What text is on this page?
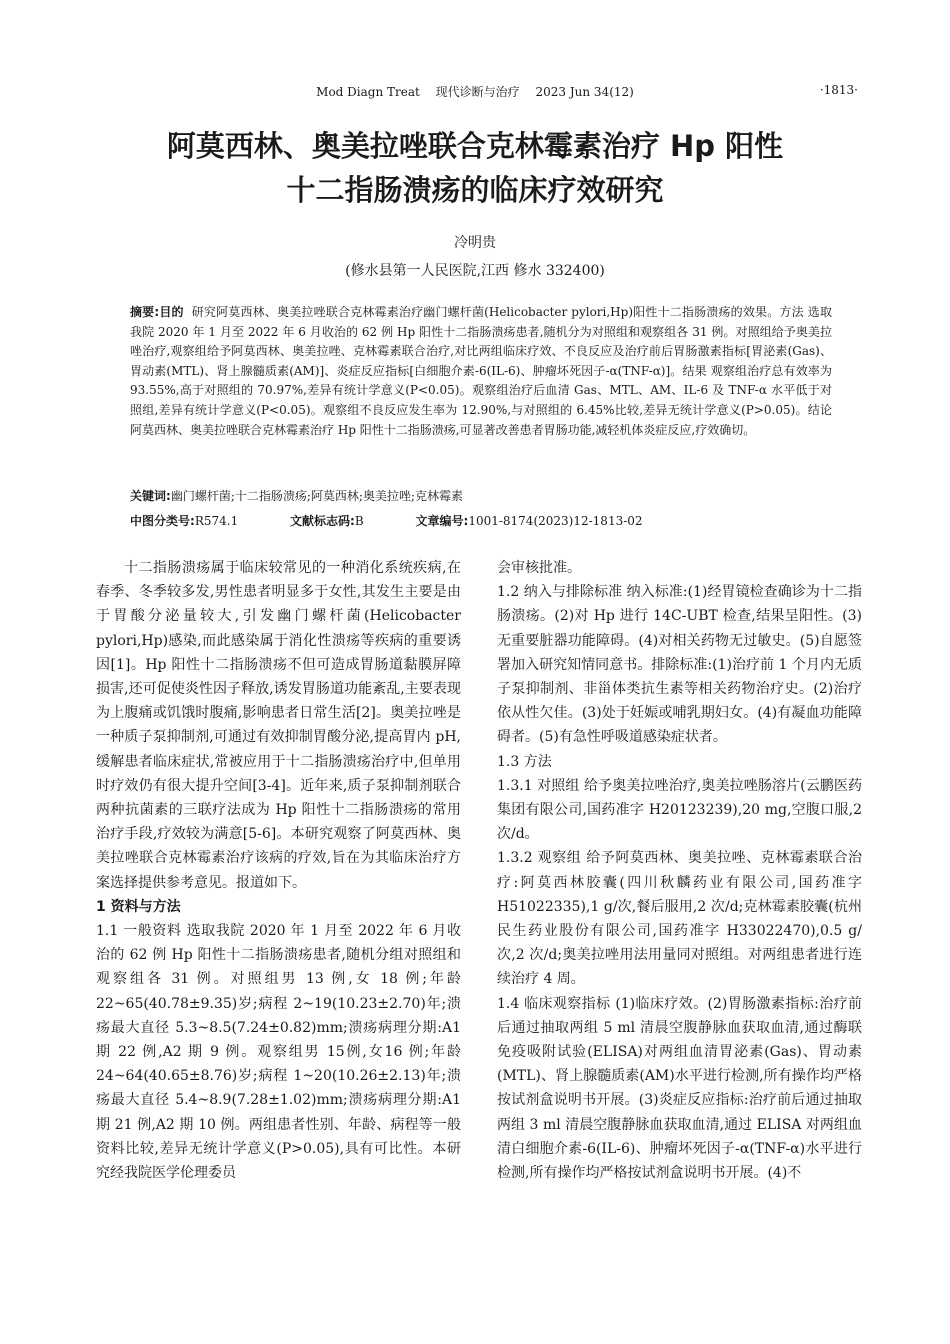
Mod Diagn Treat 现代诊断与治疗 2023 Jun 34(12)	·1813·
阿莫西林、奥美拉唑联合克林霉素治疗 Hp 阳性
十二指肠溃疡的临床疗效研究
冷明贵
(修水县第一人民医院,江西 修水 332400)

摘要:目的 研究阿莫西林、奥美拉唑联合克林霉素治疗幽门螺杆菌(Helicobacter pylori,Hp)阳性十二指肠溃疡的效果。方法 选取我院 2020 年 1 月至 2022 年 6 月收治的 62 例 Hp 阳性十二指肠溃疡患者,随机分为对照组和观察组各 31 例。对照组给予奥美拉唑治疗,观察组给予阿莫西林、奥美拉唑、克林霉素联合治疗,对比两组临床疗效、不良反应及治疗前后胃肠激素指标[胃泌素(Gas)、胃动素(MTL)、肾上腺髓质素(AM)]、炎症反应指标[白细胞介素-6(IL-6)、肿瘤坏死因子-α(TNF-α)]。结果 观察组治疗总有效率为 93.55%,高于对照组的 70.97%,差异有统计学意义(P<0.05)。观察组治疗后血清 Gas、MTL、AM、IL-6 及 TNF-α 水平低于对照组,差异有统计学意义(P<0.05)。观察组不良反应发生率为 12.90%,与对照组的 6.45%比较,差异无统计学意义(P>0.05)。结论 阿莫西林、奥美拉唑联合克林霉素治疗 Hp 阳性十二指肠溃疡,可显著改善患者胃肠功能,减轻机体炎症反应,疗效确切。

关键词:幽门螺杆菌;十二指肠溃疡;阿莫西林;奥美拉唑;克林霉素
中图分类号:R574.1	文献标志码:B	文章编号:1001-8174(2023)12-1813-02

十二指肠溃疡属于临床较常见的一种消化系统疾病,在春季、冬季较多发,男性患者明显多于女性,其发生主要是由于胃酸分泌量较大,引发幽门螺杆菌(Helicobacter pylori,Hp)感染,而此感染属于消化性溃疡等疾病的重要诱因[1]。Hp 阳性十二指肠溃疡不但可造成胃肠道黏膜屏障损害,还可促使炎性因子释放,诱发胃肠道功能紊乱,主要表现为上腹痛或饥饿时腹痛,影响患者日常生活[2]。奥美拉唑是一种质子泵抑制剂,可通过有效抑制胃酸分泌,提高胃内 pH,缓解患者临床症状,常被应用于十二指肠溃疡治疗中,但单用时疗效仍有很大提升空间[3-4]。近年来,质子泵抑制剂联合两种抗菌素的三联疗法成为 Hp 阳性十二指肠溃疡的常用治疗手段,疗效较为满意[5-6]。本研究观察了阿莫西林、奥美拉唑联合克林霉素治疗该病的疗效,旨在为其临床治疗方案选择提供参考意见。报道如下。

1 资料与方法

1.1 一般资料 选取我院 2020 年 1 月至 2022 年 6 月收治的 62 例 Hp 阳性十二指肠溃疡患者,随机分组对照组和观察组各 31 例。对照组男 13 例,女 18 例;年龄 22~65(40.78±9.35)岁;病程 2~19(10.23±2.70)年;溃疡最大直径 5.3~8.5(7.24±0.82)mm;溃疡病理分期:A1 期 22 例,A2 期 9 例。观察组男 15例,女16 例;年龄 24~64(40.65±8.76)岁;病程 1~20(10.26±2.13)年;溃疡最大直径 5.4~8.9(7.28±1.02)mm;溃疡病理分期:A1 期 21 例,A2 期 10 例。两组患者性别、年龄、病程等一般资料比较,差异无统计学意义(P>0.05),具有可比性。本研究经我院医学伦理委员

会审核批准。

1.2 纳入与排除标准 纳入标准:(1)经胃镜检查确诊为十二指肠溃疡。(2)对 Hp 进行 14C-UBT 检查,结果呈阳性。(3)无重要脏器功能障碍。(4)对相关药物无过敏史。(5)自愿签署加入研究知情同意书。排除标准:(1)治疗前 1 个月内无质子泵抑制剂、非甾体类抗生素等相关药物治疗史。(2)治疗依从性欠佳。(3)处于妊娠或哺乳期妇女。(4)有凝血功能障碍者。(5)有急性呼吸道感染症状者。

1.3 方法

1.3.1 对照组 给予奥美拉唑治疗,奥美拉唑肠溶片(云鹏医药集团有限公司,国药准字 H20123239),20 mg,空腹口服,2 次/d。

1.3.2 观察组 给予阿莫西林、奥美拉唑、克林霉素联合治疗:阿莫西林胶囊(四川秋麟药业有限公司,国药准字 H51022335),1 g/次,餐后服用,2 次/d;克林霉素胶囊(杭州民生药业股份有限公司,国药准字 H33022470),0.5 g/次,2 次/d;奥美拉唑用法用量同对照组。对两组患者进行连续治疗 4 周。

1.4 临床观察指标 (1)临床疗效。(2)胃肠激素指标:治疗前后通过抽取两组 5 ml 清晨空腹静脉血获取血清,通过酶联免疫吸附试验(ELISA)对两组血清胃泌素(Gas)、胃动素(MTL)、肾上腺髓质素(AM)水平进行检测,所有操作均严格按试剂盒说明书开展。(3)炎症反应指标:治疗前后通过抽取两组 3 ml 清晨空腹静脉血获取血清,通过 ELISA 对两组血清白细胞介素-6(IL-6)、肿瘤坏死因子-α(TNF-α)水平进行检测,所有操作均严格按试剂盒说明书开展。(4)不
